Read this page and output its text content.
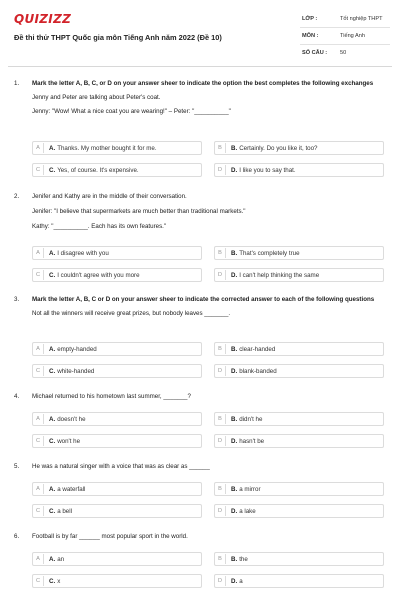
QUIZIZZ
Đề thi thử THPT Quốc gia môn Tiếng Anh năm 2022 (Đề 10)
LỚP :	Tốt nghiệp THPT
MÔN :	Tiếng Anh
SỐ CÂU :	50
1. Mark the letter A, B, C, or D on your answer sheer to indicate the option the best completes the following exchanges
Jenny and Peter are talking about Peter's coat.
Jenny: "Wow! What a nice coat you are wearing!" – Peter: "__________"
A	A. Thanks. My mother bought it for me.	B	B. Certainly. Do you like it, too?
C	C. Yes, of course. It's expensive.	D	D. I like you to say that.
2. Jenifer and Kathy are in the middle of their conversation.
Jenifer: "I believe that supermarkets are much better than traditional markets."
Kathy: "__________. Each has its own features."
A	A. I disagree with you	B	B. That's completely true
C	C. I couldn't agree with you more	D	D. I can't help thinking the same
3. Mark the letter A, B, C or D on your answer sheer to indicate the corrected answer to each of the following questions
Not all the winners will receive great prizes, but nobody leaves _______.
A	A. empty-handed	B	B. clear-handed
C	C. white-handed	D	D. blank-banded
4. Michael returned to his hometown last summer, _______?
A	A. doesn't he	B	B. didn't he
C	C. won't he	D	D. hasn't be
5. He was a natural singer with a voice that was as clear as ______
A	A. a waterfall	B	B. a mirror
C	C. a bell	D	D. a lake
6. Football is by far ______ most popular sport in the world.
A	A. an	B	B. the
C	C. x	D	D. a
